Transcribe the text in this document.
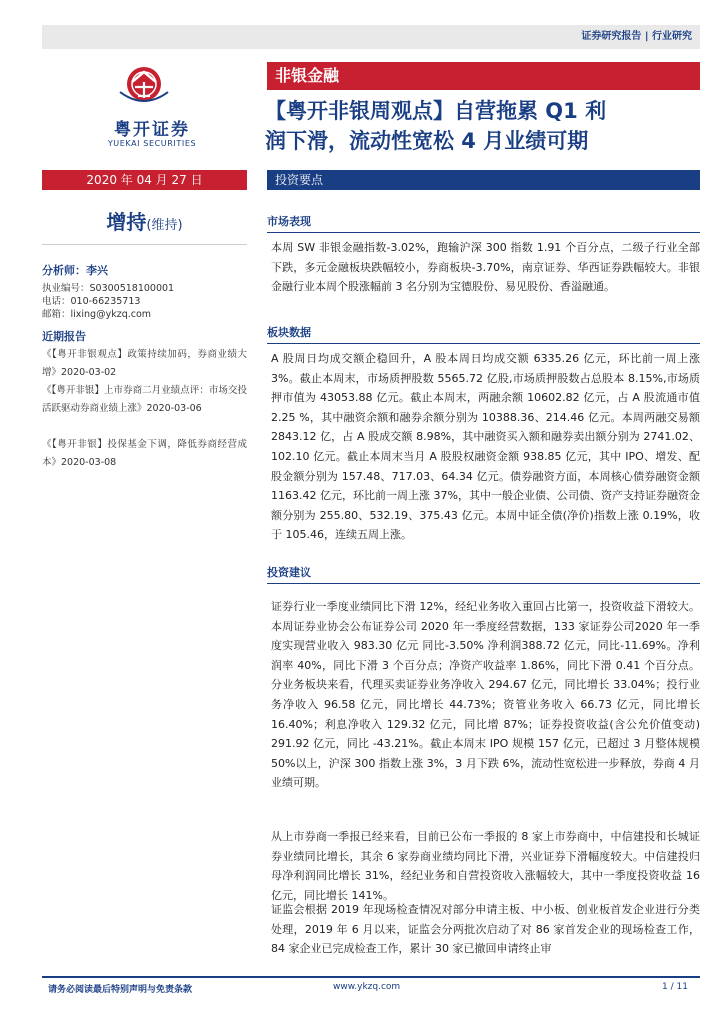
证券研究报告 | 行业研究
粤开证券
YUEKAI SECURITIES
2020 年 04 月 27 日
增持(维持)
分析师：李兴
执业编号：S0300518100001
电话：010-66235713
邮箱：lixing@ykzq.com
近期报告
《【粤开非银观点】政策持续加码，券商业绩大增》2020-03-02
《【粤开非银】上市券商二月业绩点评：市场交投活跃驱动券商业绩上涨》2020-03-06
《【粤开非银】投保基金下调，降低券商经营成本》2020-03-08
非银金融
【粤开非银周观点】自营拖累 Q1 利
润下滑，流动性宽松 4 月业绩可期
投资要点
市场表现
本周 SW 非银金融指数-3.02%，跑输沪深 300 指数 1.91 个百分点，二级子行业全部下跌，多元金融板块跌幅较小，券商板块-3.70%，南京证券、华西证券跌幅较大。非银金融行业本周个股涨幅前 3 名分别为宝德股份、易见股份、香溢融通。
板块数据
A 股周日均成交额企稳回升，A 股本周日均成交额 6335.26 亿元，环比前一周上涨 3%。截止本周末，市场质押股数 5565.72 亿股,市场质押股数占总股本 8.15%,市场质押市值为 43053.88 亿元。截止本周末，两融余额 10602.82 亿元，占 A 股流通市值 2.25 %，其中融资余额和融券余额分别为 10388.36、214.46 亿元。本周两融交易额 2843.12 亿，占 A 股成交额 8.98%，其中融资买入额和融券卖出额分别为 2741.02、102.10 亿元。截止本周末当月 A 股股权融资金额 938.85 亿元，其中 IPO、增发、配股金额分别为 157.48、717.03、64.34 亿元。债券融资方面，本周核心债券融资金额 1163.42 亿元，环比前一周上涨 37%，其中一般企业债、公司债、资产支持证券融资金额分别为 255.80、532.19、375.43 亿元。本周中证全债(净价)指数上涨 0.19%，收于 105.46，连续五周上涨。
投资建议
证券行业一季度业绩同比下滑 12%，经纪业务收入重回占比第一，投资收益下滑较大。本周证券业协会公布证券公司 2020 年一季度经营数据，133 家证券公司2020 年一季度实现营业收入 983.30 亿元 同比-3.50% 净利润388.72 亿元，同比-11.69%。净利润率 40%，同比下滑 3 个百分点；净资产收益率 1.86%，同比下滑 0.41 个百分点。分业务板块来看，代理买卖证券业务净收入 294.67 亿元，同比增长 33.04%；投行业务净收入 96.58 亿元，同比增长 44.73%；资管业务收入 66.73 亿元，同比增长 16.40%；利息净收入 129.32 亿元，同比增 87%；证券投资收益(含公允价值变动) 291.92 亿元，同比 -43.21%。截止本周末 IPO 规模 157 亿元，已超过 3 月整体规模 50%以上，沪深 300 指数上涨 3%，3 月下跌 6%，流动性宽松进一步释放，券商 4 月业绩可期。
从上市券商一季报已经来看，目前已公布一季报的 8 家上市券商中，中信建投和长城证券业绩同比增长，其余 6 家券商业绩均同比下滑，兴业证券下滑幅度较大。中信建投归母净利润同比增长 31%，经纪业务和自营投资收入涨幅较大，其中一季度投资收益 16 亿元，同比增长 141%。
证监会根据 2019 年现场检查情况对部分申请主板、中小板、创业板首发企业进行分类处理，2019 年 6 月以来，证监会分两批次启动了对 86 家首发企业的现场检查工作，84 家企业已完成检查工作，累计 30 家已撤回申请终止审
请务必阅读最后特别声明与免责条款	www.ykzq.com	1 / 11
